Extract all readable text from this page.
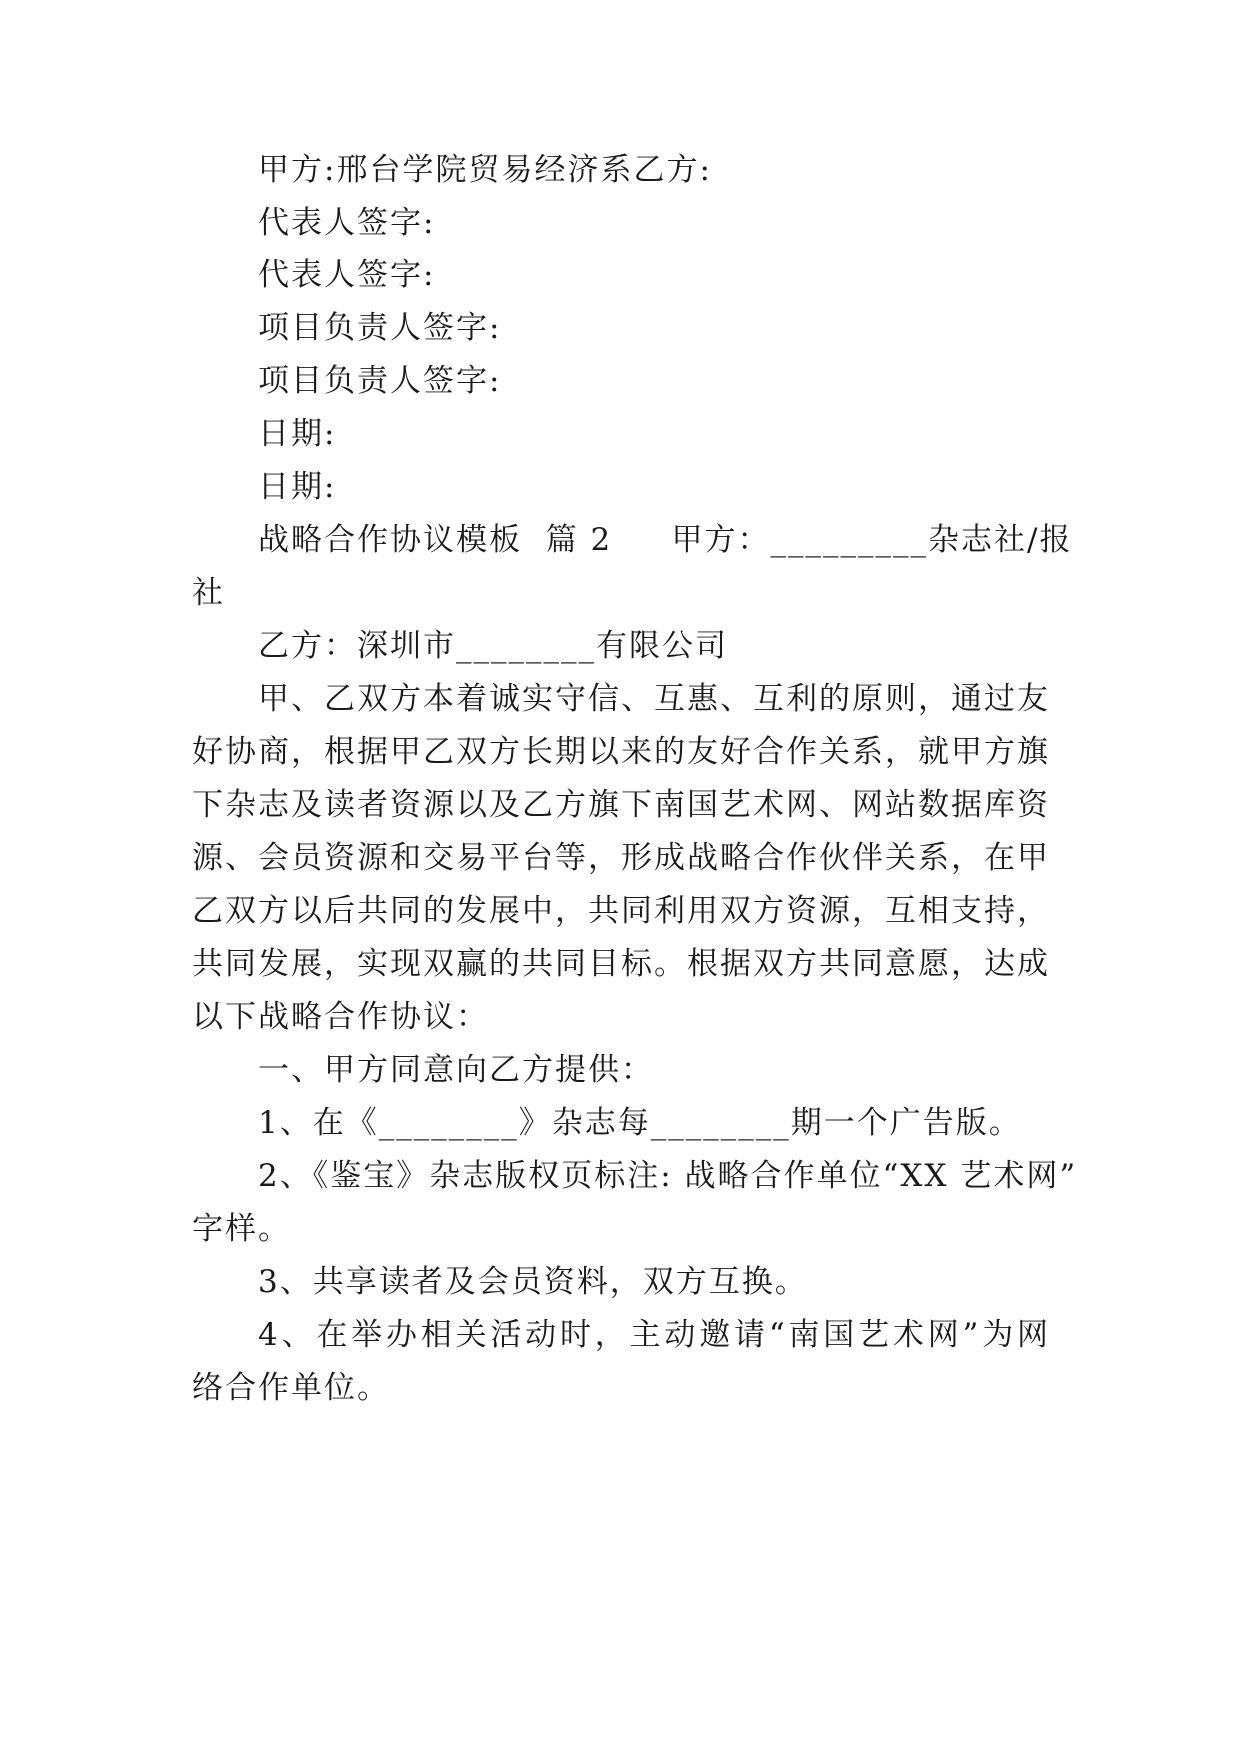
甲方:邢台学院贸易经济系乙方:
代表人签字:
代表人签字:
项目负责人签字:
项目负责人签字:
日期:
日期:
战略合作协议模板  篇 2     甲方：_________杂志社/报
社
乙方：深圳市________有限公司
甲、乙双方本着诚实守信、互惠、互利的原则，通过友
好协商，根据甲乙双方长期以来的友好合作关系，就甲方旗
下杂志及读者资源以及乙方旗下南国艺术网、网站数据库资
源、会员资源和交易平台等，形成战略合作伙伴关系，在甲
乙双方以后共同的发展中，共同利用双方资源，互相支持，
共同发展，实现双赢的共同目标。根据双方共同意愿，达成
以下战略合作协议：
一、甲方同意向乙方提供：
1、在《________》杂志每________期一个广告版。
2、《鉴宝》杂志版权页标注: 战略合作单位“XX 艺术网”
字样。
3、共享读者及会员资料，双方互换。
4、在举办相关活动时，主动邀请“南国艺术网”为网
络合作单位。
